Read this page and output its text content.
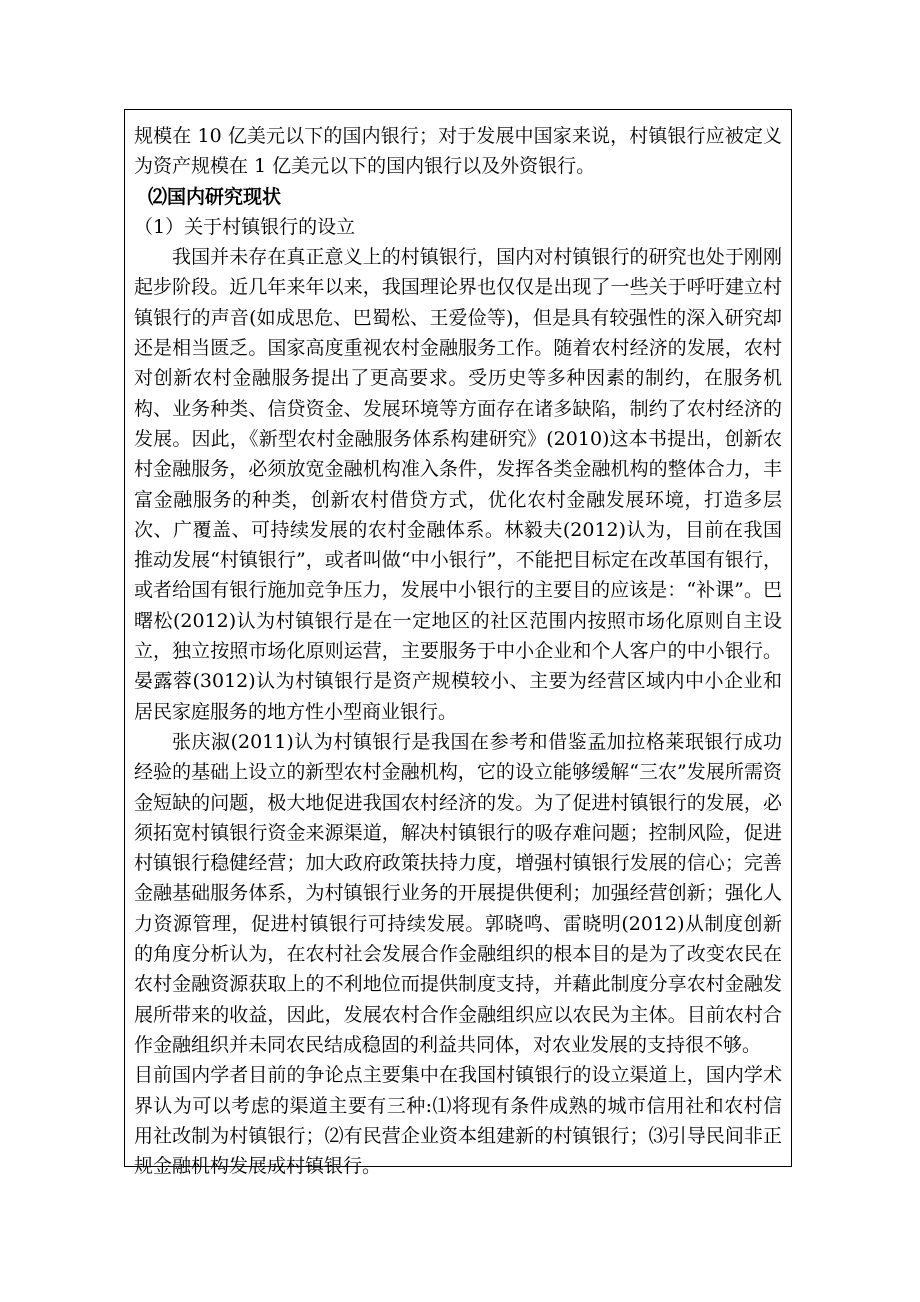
规模在 10 亿美元以下的国内银行；对于发展中国家来说，村镇银行应被定义为资产规模在 1 亿美元以下的国内银行以及外资银行。

⑵国内研究现状

（1）关于村镇银行的设立

我国并未存在真正意义上的村镇银行，国内对村镇银行的研究也处于刚刚起步阶段。近几年来年以来，我国理论界也仅仅是出现了一些关于呼吁建立村镇银行的声音(如成思危、巴蜀松、王爱俭等)，但是具有较强性的深入研究却还是相当匮乏。国家高度重视农村金融服务工作。随着农村经济的发展，农村对创新农村金融服务提出了更高要求。受历史等多种因素的制约，在服务机构、业务种类、信贷资金、发展环境等方面存在诸多缺陷，制约了农村经济的发展。因此，《新型农村金融服务体系构建研究》(2010)这本书提出，创新农村金融服务，必须放宽金融机构准入条件，发挥各类金融机构的整体合力，丰富金融服务的种类，创新农村借贷方式，优化农村金融发展环境，打造多层次、广覆盖、可持续发展的农村金融体系。林毅夫(2012)认为，目前在我国推动发展“村镇银行”，或者叫做“中小银行”，不能把目标定在改革国有银行，或者给国有银行施加竞争压力，发展中小银行的主要目的应该是：“补课”。巴曙松(2012)认为村镇银行是在一定地区的社区范围内按照市场化原则自主设立，独立按照市场化原则运营，主要服务于中小企业和个人客户的中小银行。晏露蓉(3012)认为村镇银行是资产规模较小、主要为经营区域内中小企业和居民家庭服务的地方性小型商业银行。

张庆淑(2011)认为村镇银行是我国在参考和借鉴孟加拉格莱珉银行成功经验的基础上设立的新型农村金融机构，它的设立能够缓解“三农”发展所需资金短缺的问题，极大地促进我国农村经济的发。为了促进村镇银行的发展，必须拓宽村镇银行资金来源渠道，解决村镇银行的吸存难问题；控制风险，促进村镇银行稳健经营；加大政府政策扶持力度，增强村镇银行发展的信心；完善金融基础服务体系，为村镇银行业务的开展提供便利；加强经营创新；强化人力资源管理，促进村镇银行可持续发展。郭晓鸣、雷晓明(2012)从制度创新的角度分析认为，在农村社会发展合作金融组织的根本目的是为了改变农民在农村金融资源获取上的不利地位而提供制度支持，并藉此制度分享农村金融发展所带来的收益，因此，发展农村合作金融组织应以农民为主体。目前农村合作金融组织并未同农民结成稳固的利益共同体，对农业发展的支持很不够。

目前国内学者目前的争论点主要集中在我国村镇银行的设立渠道上，国内学术界认为可以考虑的渠道主要有三种:⑴将现有条件成熟的城市信用社和农村信用社改制为村镇银行；⑵有民营企业资本组建新的村镇银行；⑶引导民间非正规金融机构发展成村镇银行。
